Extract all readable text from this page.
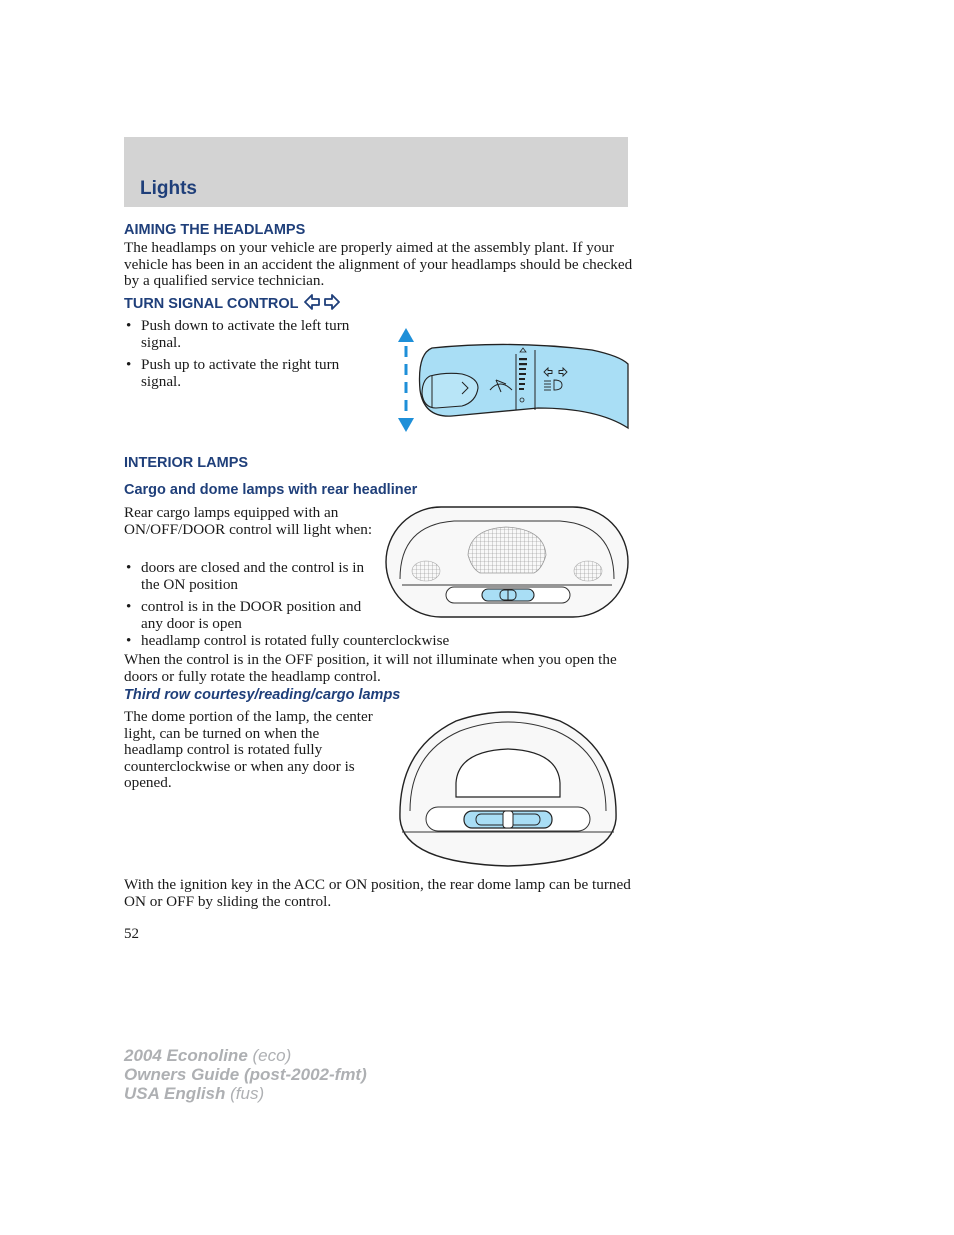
Lights
AIMING THE HEADLAMPS

The headlamps on your vehicle are properly aimed at the assembly plant. If your vehicle has been in an accident the alignment of your headlamps should be checked by a qualified service technician.

TURN SIGNAL CONTROL

• Push down to activate the left turn signal.

• Push up to activate the right turn signal.

INTERIOR LAMPS
Cargo and dome lamps with rear headliner

Rear cargo lamps equipped with an ON/OFF/DOOR control will light when:

• doors are closed and the control is in the ON position

• control is in the DOOR position and any door is open

• headlamp control is rotated fully counterclockwise

When the control is in the OFF position, it will not illuminate when you open the doors or fully rotate the headlamp control.

Third row courtesy/reading/cargo lamps

The dome portion of the lamp, the center light, can be turned on when the headlamp control is rotated fully counterclockwise or when any door is opened.

With the ignition key in the ACC or ON position, the rear dome lamp can be turned ON or OFF by sliding the control.

52

2004 Econoline (eco)
Owners Guide (post-2002-fmt)
USA English (fus)
